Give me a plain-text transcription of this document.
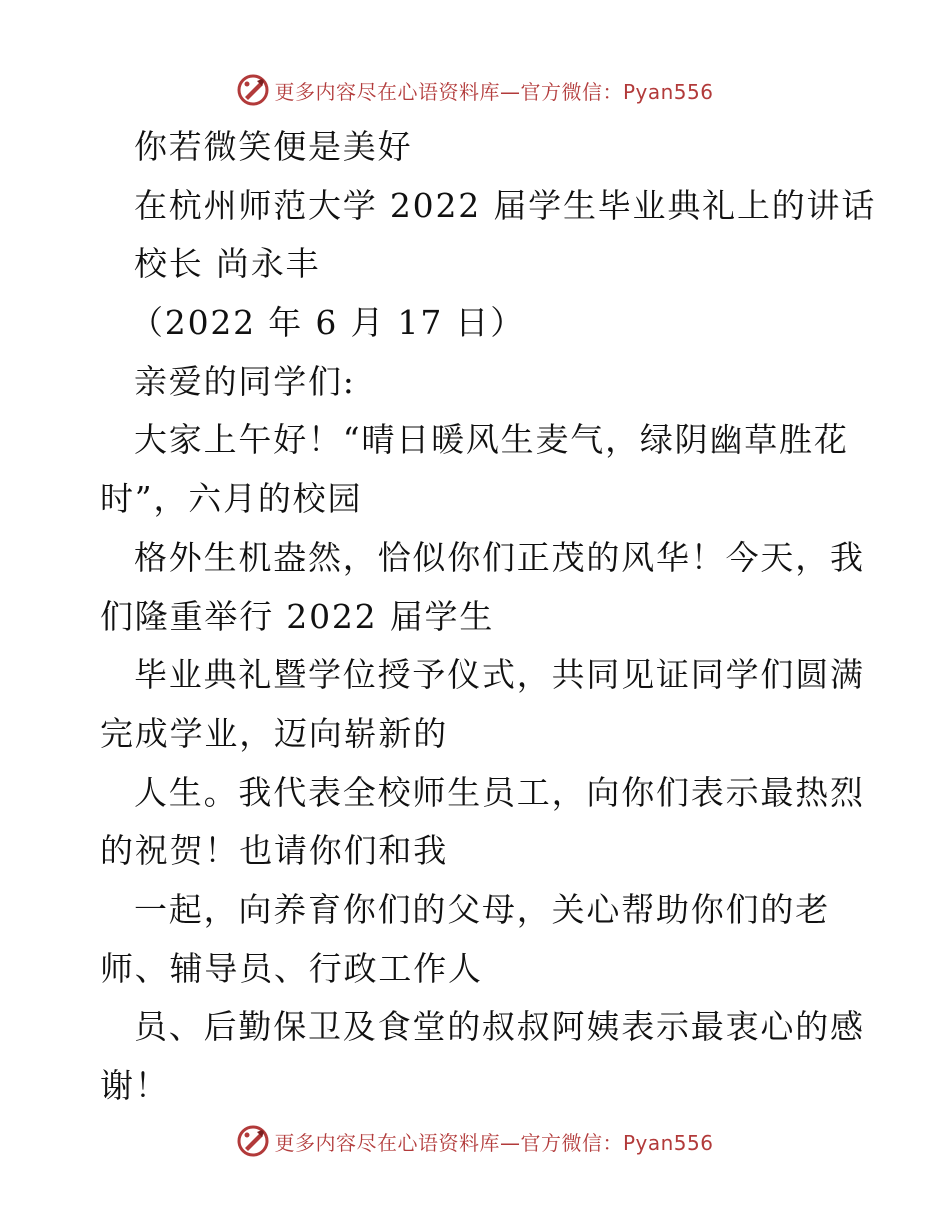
更多内容尽在心语资料库—官方微信：Pyan556
你若微笑便是美好
在杭州师范大学 2022 届学生毕业典礼上的讲话
校长 尚永丰
（2022 年 6 月 17 日）
亲爱的同学们:
大家上午好！“晴日暖风生麦气，绿阴幽草胜花
时”，六月的校园
格外生机盎然，恰似你们正茂的风华！今天，我
们隆重举行 2022 届学生
毕业典礼暨学位授予仪式，共同见证同学们圆满
完成学业，迈向崭新的
人生。我代表全校师生员工，向你们表示最热烈
的祝贺！也请你们和我
一起，向养育你们的父母，关心帮助你们的老
师、辅导员、行政工作人
员、后勤保卫及食堂的叔叔阿姨表示最衷心的感
谢！
更多内容尽在心语资料库—官方微信：Pyan556
